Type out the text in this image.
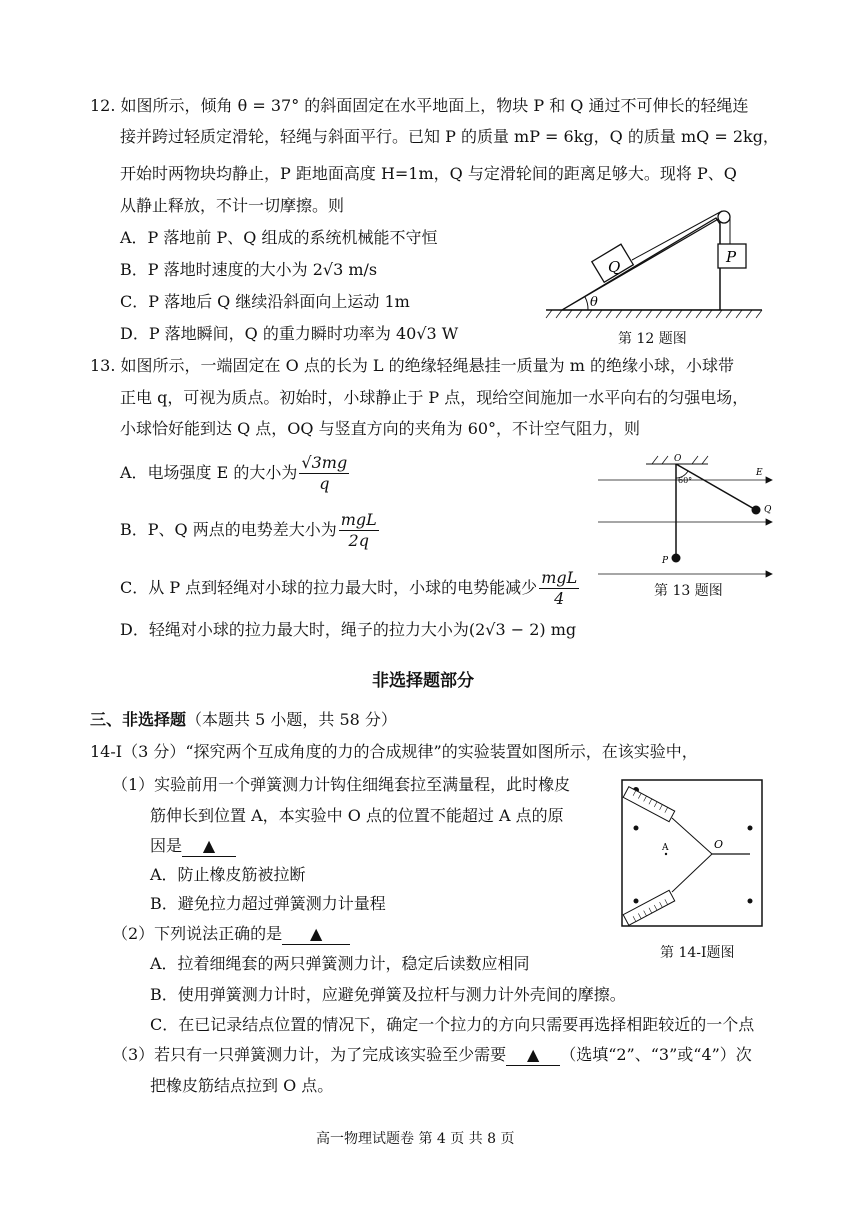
12. 如图所示，倾角 θ = 37° 的斜面固定在水平地面上，物块 P 和 Q 通过不可伸长的轻绳连
接并跨过轻质定滑轮，轻绳与斜面平行。已知 P 的质量 mP = 6kg，Q 的质量 mQ = 2kg，
开始时两物块均静止，P 距地面高度 H=1m，Q 与定滑轮间的距离足够大。现将 P、Q
从静止释放，不计一切摩擦。则
A．P 落地前 P、Q 组成的系统机械能不守恒
B．P 落地时速度的大小为 2√3 m/s
C．P 落地后 Q 继续沿斜面向上运动 1m
D．P 落地瞬间，Q 的重力瞬时功率为 40√3 W
Q
P
θ
第 12 题图
13. 如图所示，一端固定在 O 点的长为 L 的绝缘轻绳悬挂一质量为 m 的绝缘小球，小球带
正电 q，可视为质点。初始时，小球静止于 P 点，现给空间施加一水平向右的匀强电场，
小球恰好能到达 Q 点，OQ 与竖直方向的夹角为 60°，不计空气阻力，则
A．电场强度 E 的大小为 $\frac{√3mg}{q}$
B．P、Q 两点的电势差大小为 $\frac{\text{mgL}}{2q}$
C．从 P 点到轻绳对小球的拉力最大时，小球的电势能减少 $\frac{\text{mgL}}{4}$
D．轻绳对小球的拉力最大时，绳子的拉力大小为(2√3 − 2) mg
O
E
P
Q
60°
第 13 题图
非选择题部分
三、非选择题（本题共 5 小题，共 58 分）
14-I（3 分）“探究两个互成角度的力的合成规律”的实验装置如图所示，在该实验中，
（1）实验前用一个弹簧测力计钩住细绳套拉至满量程，此时橡皮
筋伸长到位置 A，本实验中 O 点的位置不能超过 A 点的原
因是 ▲
A．防止橡皮筋被拉断
B．避免拉力超过弹簧测力计量程
（2）下列说法正确的是 ▲
A．拉着细绳套的两只弹簧测力计，稳定后读数应相同
B．使用弹簧测力计时，应避免弹簧及拉杆与测力计外壳间的摩擦。
C．在已记录结点位置的情况下，确定一个拉力的方向只需要再选择相距较近的一个点
（3）若只有一只弹簧测力计，为了完成该实验至少需要 ▲ （选填“2”、“3”或“4”）次
把橡皮筋结点拉到 O 点。
A	O
第 14-I题图
高一物理试题卷 第 4 页 共 8 页
